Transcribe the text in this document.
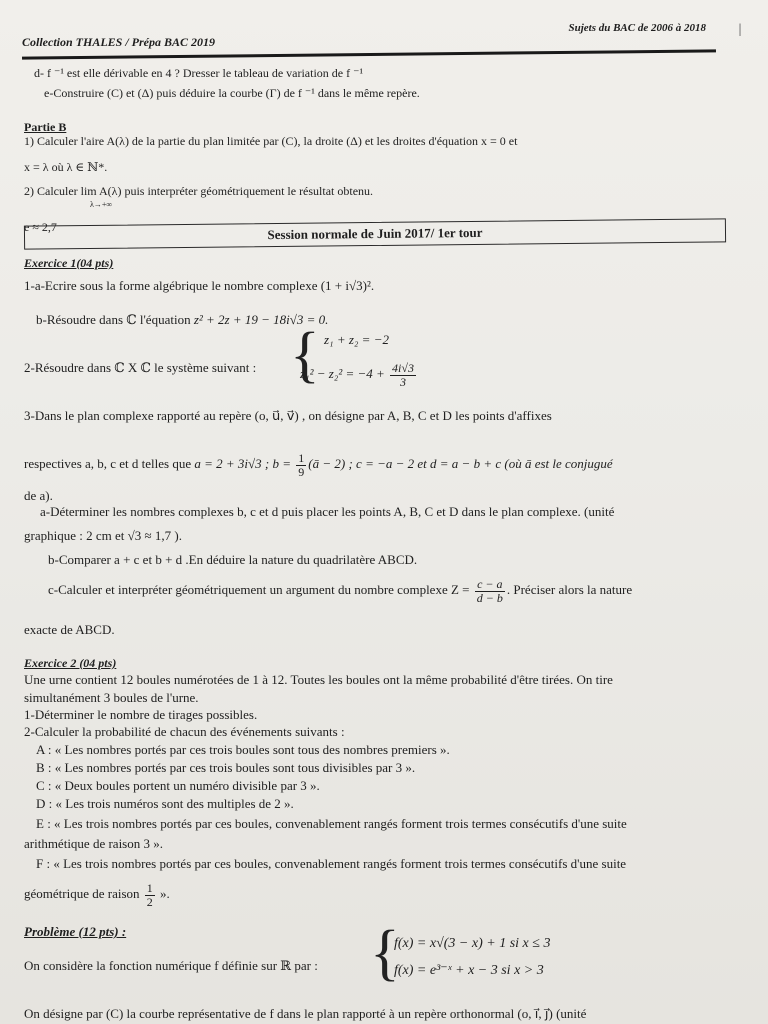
Collection THALES / Prépa BAC 2019
Sujets du BAC de 2006 à 2018	|
d- f ⁻¹ est elle dérivable en 4 ? Dresser le tableau de variation de f ⁻¹
e-Construire (C) et (Δ) puis déduire la courbe (Γ) de f ⁻¹ dans le même repère.
Partie B
1) Calculer l'aire A(λ) de la partie du plan limitée par (C), la droite (Δ) et les droites d'équation x = 0 et
x = λ où λ ∈ ℕ*.
2) Calculer lim A(λ) puis interpréter géométriquement le résultat obtenu.
λ→+∞
e ≈ 2,7	Session normale de Juin 2017/ 1er tour
Exercice 1(04 pts)
1-a-Ecrire sous la forme algébrique le nombre complexe (1 + i√3)².
b-Résoudre dans ℂ l'équation z² + 2z + 19 − 18i√3 = 0.
2-Résoudre dans ℂ X ℂ le système suivant : { z₁ + z₂ = −2
$z_1^2 - z_2^2 = -4 + \frac{4i√3}{3}$
3-Dans le plan complexe rapporté au repère (o, u⃗, v⃗) , on désigne par A, B, C et D les points d'affixes
respectives a, b, c et d telles que a = 2 + 3i√3 ; $b = \frac{1}{9}$ (ā − 2) ; c = −a − 2 et d = a − b + c (où ā est le conjugué
de a).
a-Déterminer les nombres complexes b, c et d puis placer les points A, B, C et D dans le plan complexe. (unité
graphique : 2 cm et √3 ≈ 1,7 ).
b-Comparer a + c et b + d .En déduire la nature du quadrilatère ABCD.
c-Calculer et interpréter géométriquement un argument du nombre complexe $Z = \frac{c - a}{d - b}$ . Préciser alors la nature
exacte de ABCD.
Exercice 2 (04 pts)
Une urne contient 12 boules numérotées de 1 à 12. Toutes les boules ont la même probabilité d'être tirées. On tire
simultanément 3 boules de l'urne.
1-Déterminer le nombre de tirages possibles.
2-Calculer la probabilité de chacun des événements suivants :
A : « Les nombres portés par ces trois boules sont tous des nombres premiers ».
B : « Les nombres portés par ces trois boules sont tous divisibles par 3 ».
C : « Deux boules portent un numéro divisible par 3 ».
D : « Les trois numéros sont des multiples de 2 ».
E : « Les trois nombres portés par ces boules, convenablement rangés forment trois termes consécutifs d'une suite
arithmétique de raison 3 ».
F : « Les trois nombres portés par ces boules, convenablement rangés forment trois termes consécutifs d'une suite
géométrique de raison $\frac{1}{2}$ ».
Problème (12 pts) :
On considère la fonction numérique f définie sur ℝ par : {
f(x) = x√(3 − x) + 1 si x ≤ 3
f(x) = e³⁻ˣ + x − 3 si x > 3
On désigne par (C) la courbe représentative de f dans le plan rapporté à un repère orthonormal (o, i⃗, j⃗) (unité
